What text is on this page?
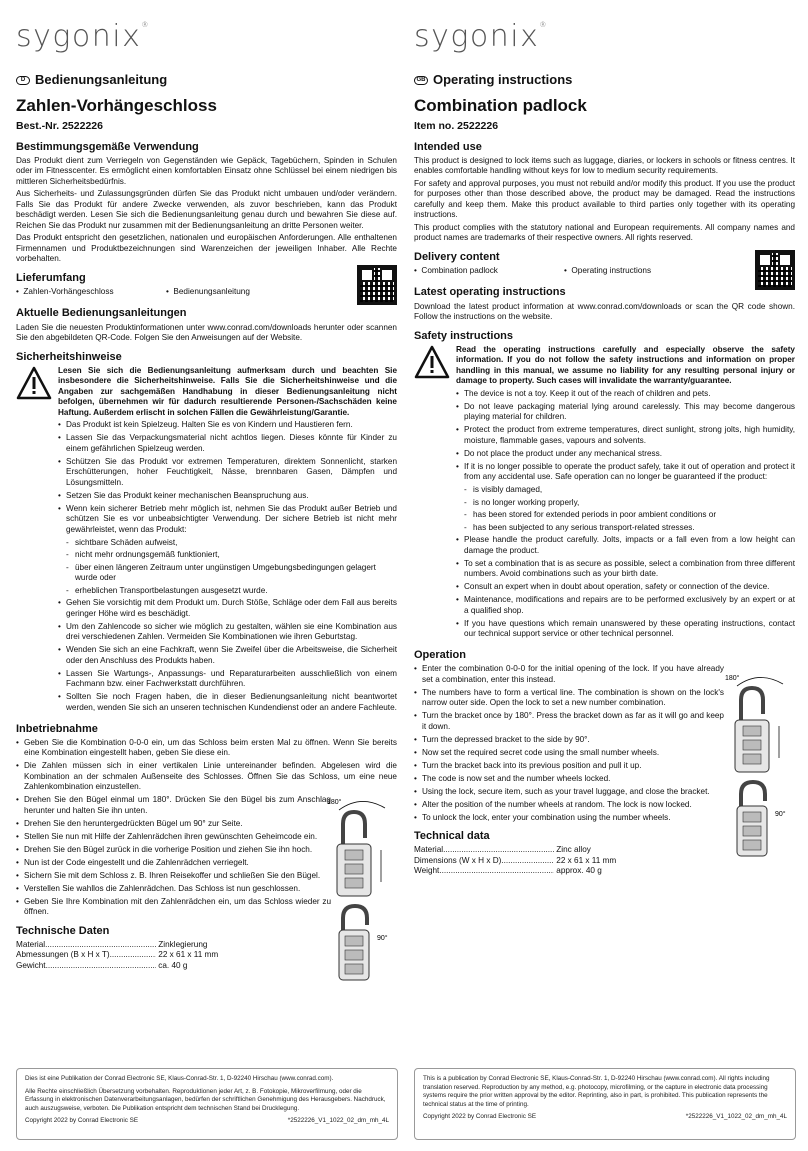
sygonix®
D Bedienungsanleitung
Zahlen-Vorhängeschloss
Best.-Nr. 2522226
Bestimmungsgemäße Verwendung

Das Produkt dient zum Verriegeln von Gegenständen wie Gepäck, Tagebüchern, Spinden in Schulen oder im Fitnesscenter. Es ermöglicht einen komfortablen Einsatz ohne Schlüssel bei einem niedrigen bis mittleren Sicherheitsbedürfnis.

Aus Sicherheits- und Zulassungsgründen dürfen Sie das Produkt nicht umbauen und/oder verändern. Falls Sie das Produkt für andere Zwecke verwenden, als zuvor beschrieben, kann das Produkt beschädigt werden. Lesen Sie sich die Bedienungsanleitung genau durch und bewahren Sie diese auf. Reichen Sie das Produkt nur zusammen mit der Bedienungsanleitung an dritte Personen weiter.

Das Produkt entspricht den gesetzlichen, nationalen und europäischen Anforderungen. Alle enthaltenen Firmennamen und Produktbezeichnungen sind Warenzeichen der jeweiligen Inhaber. Alle Rechte vorbehalten.

Lieferumfang
•  Zahlen-Vorhängeschloss	•  Bedienungsanleitung
Aktuelle Bedienungsanleitungen

Laden Sie die neuesten Produktinformationen unter www.conrad.com/downloads herunter oder scannen Sie den abgebildeten QR-Code. Folgen Sie den Anweisungen auf der Website.

Sicherheitshinweise
Lesen Sie sich die Bedienungsanleitung aufmerksam durch und beachten Sie insbesondere die Sicherheitshinweise. Falls Sie die Sicherheitshinweise und die Angaben zur sachgemäßen Handhabung in dieser Bedienungsanleitung nicht befolgen, übernehmen wir für dadurch resultierende Personen-/Sachschäden keine Haftung. Außerdem erlischt in solchen Fällen die Gewährleistung/Garantie.
• Das Produkt ist kein Spielzeug. Halten Sie es von Kindern und Haustieren fern.
• Lassen Sie das Verpackungsmaterial nicht achtlos liegen. Dieses könnte für Kinder zu einem gefährlichen Spielzeug werden.
• Schützen Sie das Produkt vor extremen Temperaturen, direktem Sonnenlicht, starken Erschütterungen, hoher Feuchtigkeit, Nässe, brennbaren Gasen, Dämpfen und Lösungsmitteln.
• Setzen Sie das Produkt keiner mechanischen Beanspruchung aus.
• Wenn kein sicherer Betrieb mehr möglich ist, nehmen Sie das Produkt außer Betrieb und schützen Sie es vor unbeabsichtigter Verwendung. Der sichere Betrieb ist nicht mehr gewährleistet, wenn das Produkt:
- sichtbare Schäden aufweist,
- nicht mehr ordnungsgemäß funktioniert,
- über einen längeren Zeitraum unter ungünstigen Umgebungsbedingungen gelagert wurde oder
- erheblichen Transportbelastungen ausgesetzt wurde.
• Gehen Sie vorsichtig mit dem Produkt um. Durch Stöße, Schläge oder dem Fall aus bereits geringer Höhe wird es beschädigt.
• Um den Zahlencode so sicher wie möglich zu gestalten, wählen sie eine Kombination aus drei verschiedenen Zahlen. Vermeiden Sie Kombinationen wie ihren Geburtstag.
• Wenden Sie sich an eine Fachkraft, wenn Sie Zweifel über die Arbeitsweise, die Sicherheit oder den Anschluss des Produkts haben.
• Lassen Sie Wartungs-, Anpassungs- und Reparaturarbeiten ausschließlich von einem Fachmann bzw. einer Fachwerkstatt durchführen.
• Sollten Sie noch Fragen haben, die in dieser Bedienungsanleitung nicht beantwortet werden, wenden Sie sich an unseren technischen Kundendienst oder an andere Fachleute.
Inbetriebnahme
• Geben Sie die Kombination 0-0-0 ein, um das Schloss beim ersten Mal zu öffnen. Wenn Sie bereits eine Kombination eingestellt haben, geben Sie diese ein.
• Die Zahlen müssen sich in einer vertikalen Linie untereinander befinden. Abgelesen wird die Kombination an der schmalen Außenseite des Schlosses. Öffnen Sie das Schloss, um eine neue Zahlenkombination einzustellen.
• Drehen Sie den Bügel einmal um 180°. Drücken Sie den Bügel bis zum Anschlag herunter und halten Sie ihn unten.
• Drehen Sie den heruntergedrückten Bügel um 90° zur Seite.
• Stellen Sie nun mit Hilfe der Zahlenrädchen ihren gewünschten Geheimcode ein.
• Drehen Sie den Bügel zurück in die vorherige Position und ziehen Sie ihn hoch.
• Nun ist der Code eingestellt und die Zahlenrädchen verriegelt.
• Sichern Sie mit dem Schloss z. B. Ihren Reisekoffer und schließen Sie den Bügel.
• Verstellen Sie wahllos die Zahlenrädchen. Das Schloss ist nun geschlossen.
• Geben Sie Ihre Kombination mit den Zahlenrädchen ein, um das Schloss wieder zu öffnen.
180°
90°
Technische Daten
Material .....
	Zinklegierung
Abmessungen (B x H x T) .....
	22 x 61 x 11 mm
Gewicht .....
	ca. 40 g

Dies ist eine Publikation der Conrad Electronic SE, Klaus-Conrad-Str. 1, D-92240 Hirschau (www.conrad.com).

Alle Rechte einschließlich Übersetzung vorbehalten. Reproduktionen jeder Art, z. B. Fotokopie, Mikroverfilmung, oder die Erfassung in elektronischen Datenverarbeitungsanlagen, bedürfen der schriftlichen Genehmigung des Herausgebers. Nachdruck, auch auszugsweise, verboten. Die Publikation entspricht dem technischen Stand bei Drucklegung.

Copyright 2022 by Conrad Electronic SE	*2522226_V1_1022_02_dm_mh_4L
sygonix®
GB Operating instructions
Combination padlock
Item no. 2522226
Intended use

This product is designed to lock items such as luggage, diaries, or lockers in schools or fitness centres. It enables comfortable handling without keys for low to medium security requirements.

For safety and approval purposes, you must not rebuild and/or modify this product. If you use the product for purposes other than those described above, the product may be damaged. Read the instructions carefully and keep them. Make this product available to third parties only together with its operating instructions.

This product complies with the statutory national and European requirements. All company names and product names are trademarks of their respective owners. All rights reserved.

Delivery content
•  Combination padlock	•  Operating instructions
Latest operating instructions

Download the latest product information at www.conrad.com/downloads or scan the QR code shown. Follow the instructions on the website.

Safety instructions
Read the operating instructions carefully and especially observe the safety information. If you do not follow the safety instructions and information on proper handling in this manual, we assume no liability for any resulting personal injury or damage to property. Such cases will invalidate the warranty/guarantee.
• The device is not a toy. Keep it out of the reach of children and pets.
• Do not leave packaging material lying around carelessly. This may become dangerous playing material for children.
• Protect the product from extreme temperatures, direct sunlight, strong jolts, high humidity, moisture, flammable gases, vapours and solvents.
• Do not place the product under any mechanical stress.
• If it is no longer possible to operate the product safely, take it out of operation and protect it from any accidental use. Safe operation can no longer be guaranteed if the product:
- is visibly damaged,
- is no longer working properly,
- has been stored for extended periods in poor ambient conditions or
- has been subjected to any serious transport-related stresses.
• Please handle the product carefully. Jolts, impacts or a fall even from a low height can damage the product.
• To set a combination that is as secure as possible, select a combination from three different numbers. Avoid combinations such as your birth date.
• Consult an expert when in doubt about operation, safety or connection of the device.
• Maintenance, modifications and repairs are to be performed exclusively by an expert or at a qualified shop.
• If you have questions which remain unanswered by these operating instructions, contact our technical support service or other technical personnel.
Operation
• Enter the combination 0-0-0 for the initial opening of the lock. If you have already set a combination, enter this instead.
• The numbers have to form a vertical line. The combination is shown on the lock's narrow outer side. Open the lock to set a new number combination.
• Turn the bracket once by 180°. Press the bracket down as far as it will go and keep it down.
• Turn the depressed bracket to the side by 90°.
• Now set the required secret code using the small number wheels.
• Turn the bracket back into its previous position and pull it up.
• The code is now set and the number wheels locked.
• Using the lock, secure item, such as your travel luggage, and close the bracket.
• Alter the position of the number wheels at random. The lock is now locked.
• To unlock the lock, enter your combination using the number wheels.
180°
90°
Technical data
Material .....
	Zinc alloy
Dimensions (W x H x D) .....
	22 x 61 x 11 mm
Weight .....
	approx. 40 g

This is a publication by Conrad Electronic SE, Klaus-Conrad-Str. 1, D-92240 Hirschau (www.conrad.com). All rights including translation reserved. Reproduction by any method, e.g. photocopy, microfilming, or the capture in electronic data processing systems require the prior written approval by the editor. Reprinting, also in part, is prohibited. This publication represents the technical status at the time of printing.

Copyright 2022 by Conrad Electronic SE	*2522226_V1_1022_02_dm_mh_4L
